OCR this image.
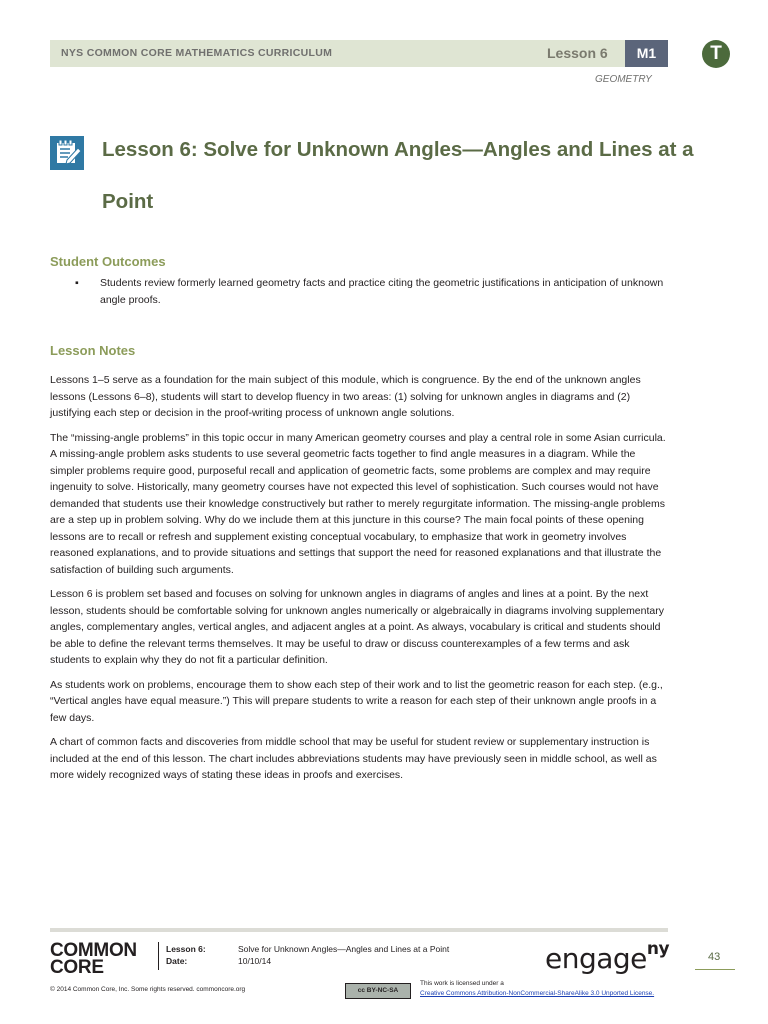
NYS COMMON CORE MATHEMATICS CURRICULUM	Lesson 6	M1
GEOMETRY
T
Lesson 6: Solve for Unknown Angles—Angles and Lines at a Point
Student Outcomes
▪ Students review formerly learned geometry facts and practice citing the geometric justifications in anticipation of unknown angle proofs.
Lesson Notes

Lessons 1–5 serve as a foundation for the main subject of this module, which is congruence. By the end of the unknown angles lessons (Lessons 6–8), students will start to develop fluency in two areas: (1) solving for unknown angles in diagrams and (2) justifying each step or decision in the proof-writing process of unknown angle solutions.

The “missing-angle problems” in this topic occur in many American geometry courses and play a central role in some Asian curricula. A missing-angle problem asks students to use several geometric facts together to find angle measures in a diagram. While the simpler problems require good, purposeful recall and application of geometric facts, some problems are complex and may require ingenuity to solve. Historically, many geometry courses have not expected this level of sophistication. Such courses would not have demanded that students use their knowledge constructively but rather to merely regurgitate information. The missing-angle problems are a step up in problem solving. Why do we include them at this juncture in this course? The main focal points of these opening lessons are to recall or refresh and supplement existing conceptual vocabulary, to emphasize that work in geometry involves reasoned explanations, and to provide situations and settings that support the need for reasoned explanations and that illustrate the satisfaction of building such arguments.

Lesson 6 is problem set based and focuses on solving for unknown angles in diagrams of angles and lines at a point. By the next lesson, students should be comfortable solving for unknown angles numerically or algebraically in diagrams involving supplementary angles, complementary angles, vertical angles, and adjacent angles at a point. As always, vocabulary is critical and students should be able to define the relevant terms themselves. It may be useful to draw or discuss counterexamples of a few terms and ask students to explain why they do not fit a particular definition.

As students work on problems, encourage them to show each step of their work and to list the geometric reason for each step. (e.g., “Vertical angles have equal measure.”) This will prepare students to write a reason for each step of their unknown angle proofs in a few days.

A chart of common facts and discoveries from middle school that may be useful for student review or supplementary instruction is included at the end of this lesson. The chart includes abbreviations students may have previously seen in middle school, as well as more widely recognized ways of stating these ideas in proofs and exercises.

COMMON
CORE
Lesson 6:	Solve for Unknown Angles—Angles and Lines at a Point
Date:	10/10/14	engage$^{ny}$	43
© 2014 Common Core, Inc. Some rights reserved. commoncore.org	cc BY-NC-SA
This work is licensed under a
Creative Commons Attribution-NonCommercial-ShareAlike 3.0 Unported License.
